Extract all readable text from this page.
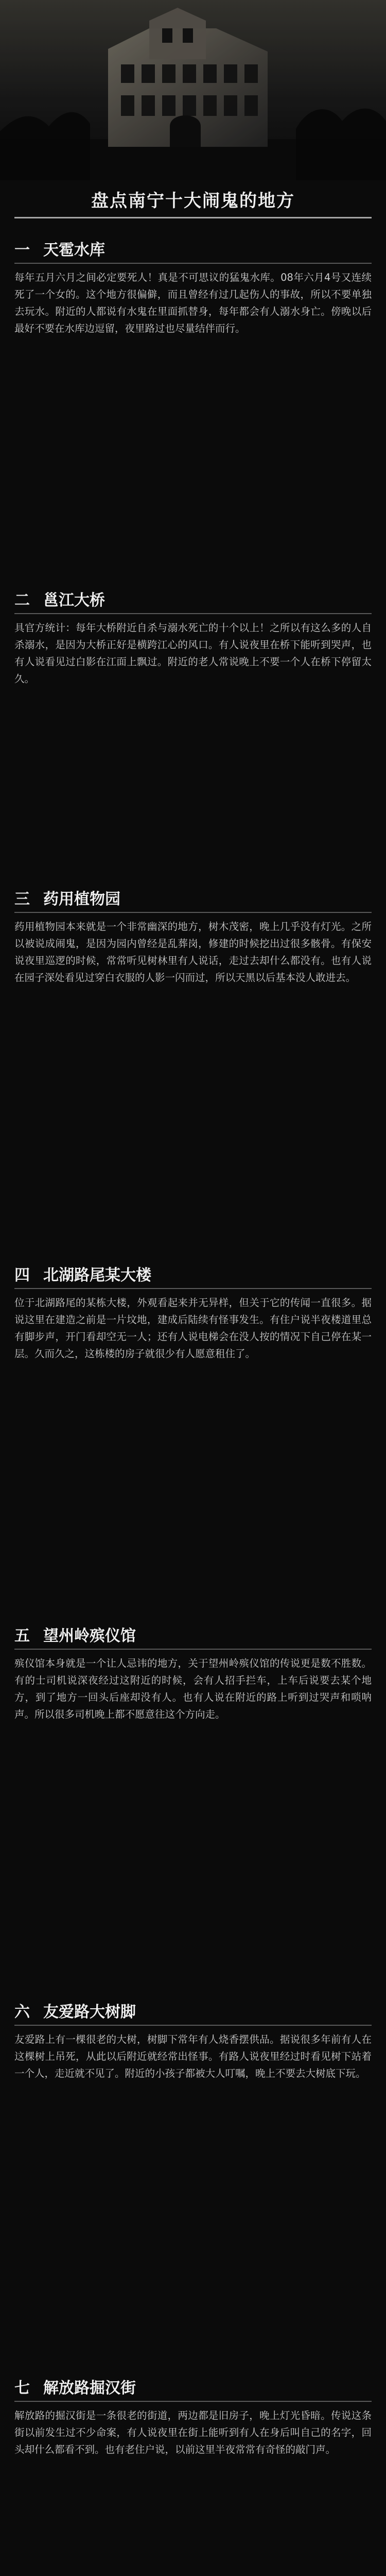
盘点南宁十大闹鬼的地方
一 天雹水库
每年五月六月之间必定要死人！真是不可思议的猛鬼水库。08年六月4号又连续死了一个女的。这个地方很偏僻，而且曾经有过几起伤人的事故，所以不要单独去玩水。附近的人都说有水鬼在里面抓替身，每年都会有人溺水身亡。傍晚以后最好不要在水库边逗留，夜里路过也尽量结伴而行。
二 邕江大桥
具官方统计：每年大桥附近自杀与溺水死亡的十个以上！之所以有这么多的人自杀溺水，是因为大桥正好是横跨江心的风口。有人说夜里在桥下能听到哭声，也有人说看见过白影在江面上飘过。附近的老人常说晚上不要一个人在桥下停留太久。
三 药用植物园
药用植物园本来就是一个非常幽深的地方，树木茂密，晚上几乎没有灯光。之所以被说成闹鬼，是因为园内曾经是乱葬岗，修建的时候挖出过很多骸骨。有保安说夜里巡逻的时候，常常听见树林里有人说话，走过去却什么都没有。也有人说在园子深处看见过穿白衣服的人影一闪而过，所以天黑以后基本没人敢进去。
四 北湖路尾某大楼
位于北湖路尾的某栋大楼，外观看起来并无异样，但关于它的传闻一直很多。据说这里在建造之前是一片坟地，建成后陆续有怪事发生。有住户说半夜楼道里总有脚步声，开门看却空无一人；还有人说电梯会在没人按的情况下自己停在某一层。久而久之，这栋楼的房子就很少有人愿意租住了。
五 望州岭殡仪馆
殡仪馆本身就是一个让人忌讳的地方，关于望州岭殡仪馆的传说更是数不胜数。有的士司机说深夜经过这附近的时候，会有人招手拦车，上车后说要去某个地方，到了地方一回头后座却没有人。也有人说在附近的路上听到过哭声和唢呐声。所以很多司机晚上都不愿意往这个方向走。
六 友爱路大树脚
友爱路上有一棵很老的大树，树脚下常年有人烧香摆供品。据说很多年前有人在这棵树上吊死，从此以后附近就经常出怪事。有路人说夜里经过时看见树下站着一个人，走近就不见了。附近的小孩子都被大人叮嘱，晚上不要去大树底下玩。
七 解放路掘汉街
解放路的掘汉街是一条很老的街道，两边都是旧房子，晚上灯光昏暗。传说这条街以前发生过不少命案，有人说夜里在街上能听到有人在身后叫自己的名字，回头却什么都看不到。也有老住户说，以前这里半夜常常有奇怪的敲门声。
